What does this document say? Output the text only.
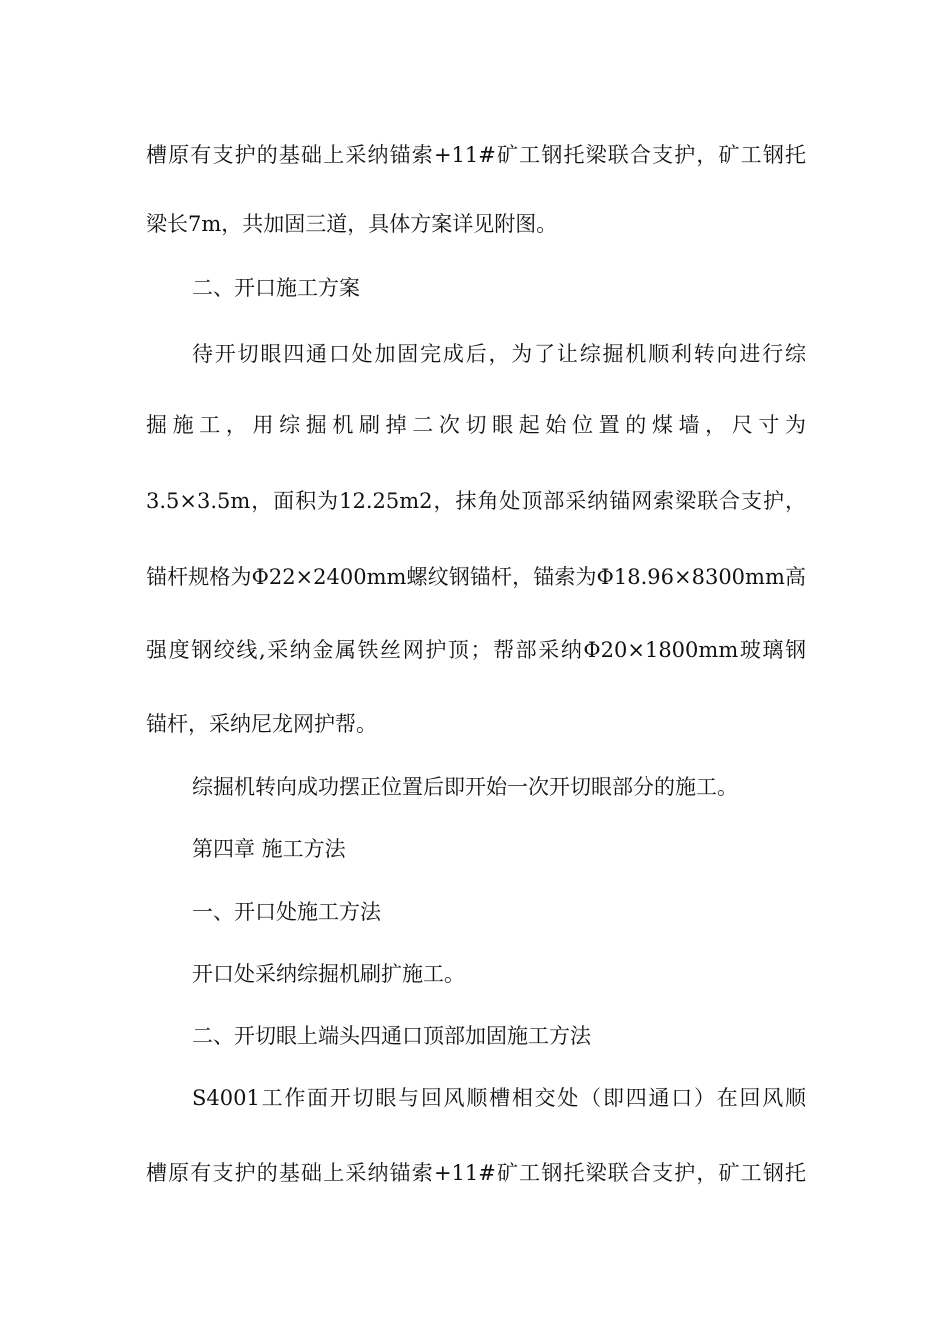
槽原有支护的基础上采纳锚索+11#矿工钢托梁联合支护，矿工钢托
梁长7m，共加固三道，具体方案详见附图。
二、开口施工方案
待开切眼四通口处加固完成后，为了让综掘机顺利转向进行综
掘施工，用综掘机刷掉二次切眼起始位置的煤墙，尺寸为
3.5×3.5m，面积为12.25m2，抹角处顶部采纳锚网索梁联合支护，
锚杆规格为Φ22×2400mm螺纹钢锚杆，锚索为Φ18.96×8300mm高
强度钢绞线,采纳金属铁丝网护顶；帮部采纳Φ20×1800mm玻璃钢
锚杆，采纳尼龙网护帮。
综掘机转向成功摆正位置后即开始一次开切眼部分的施工。
第四章 施工方法
一、开口处施工方法
开口处采纳综掘机刷扩施工。
二、开切眼上端头四通口顶部加固施工方法
S4001工作面开切眼与回风顺槽相交处（即四通口）在回风顺
槽原有支护的基础上采纳锚索+11#矿工钢托梁联合支护，矿工钢托
